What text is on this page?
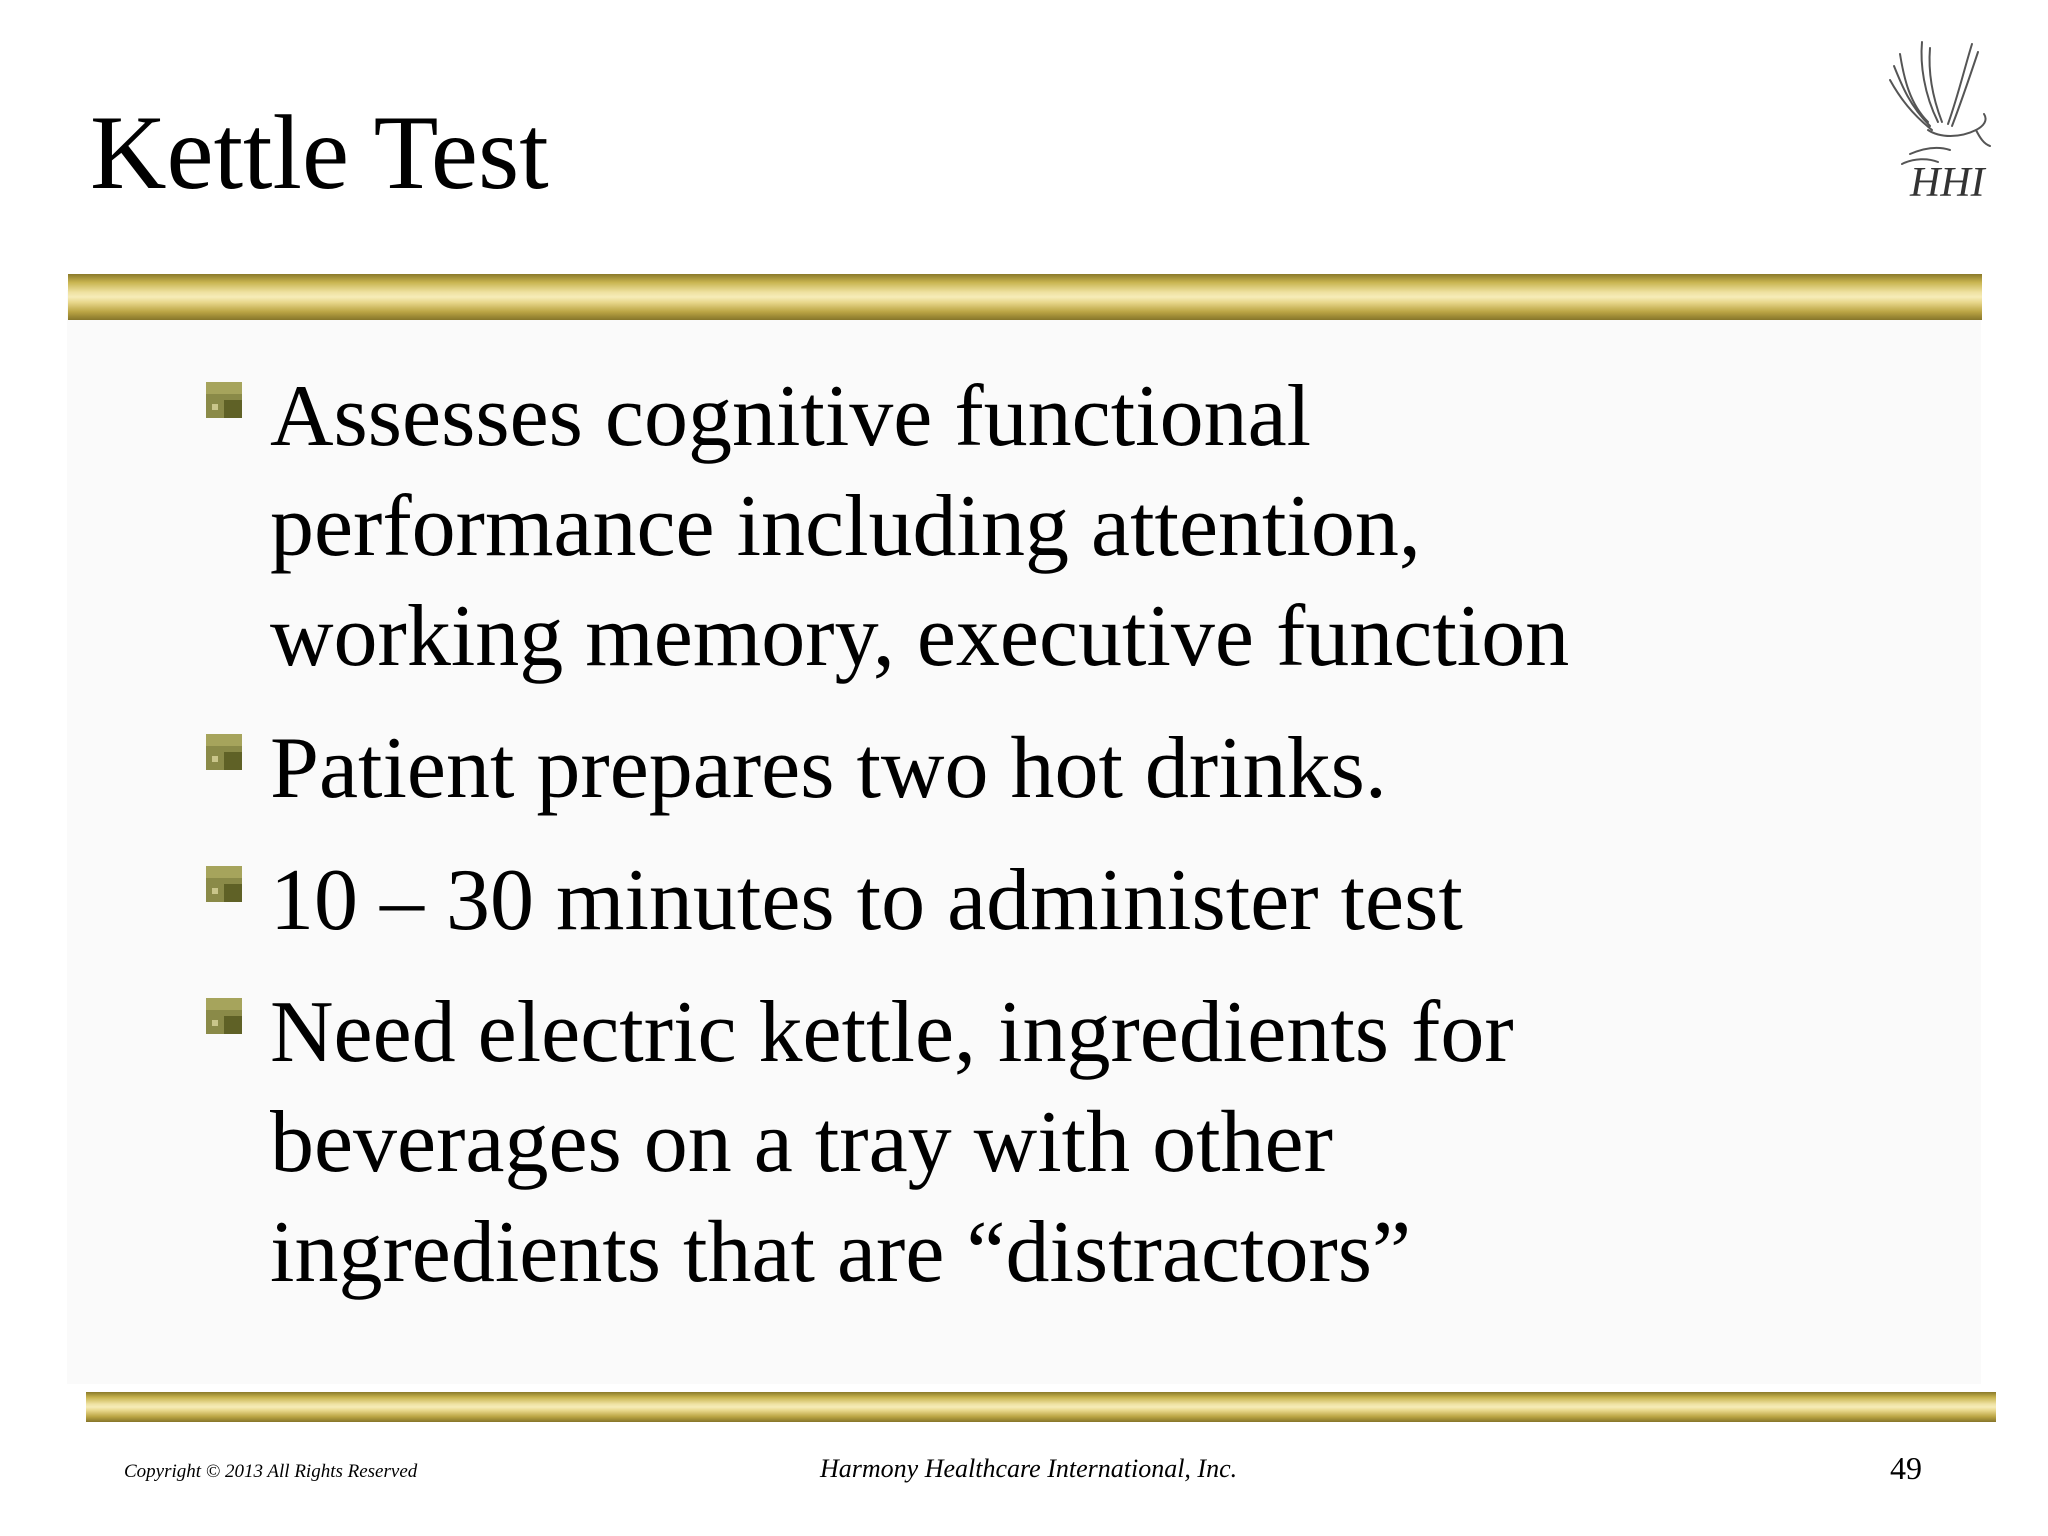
Kettle Test	HHI
Assesses cognitive functional
performance including attention,
working memory, executive function
Patient prepares two hot drinks.
10 – 30 minutes to administer test
Need electric kettle, ingredients for
beverages on a tray with other
ingredients that are “distractors”
Copyright © 2013 All Rights Reserved	Harmony Healthcare International, Inc.	49
